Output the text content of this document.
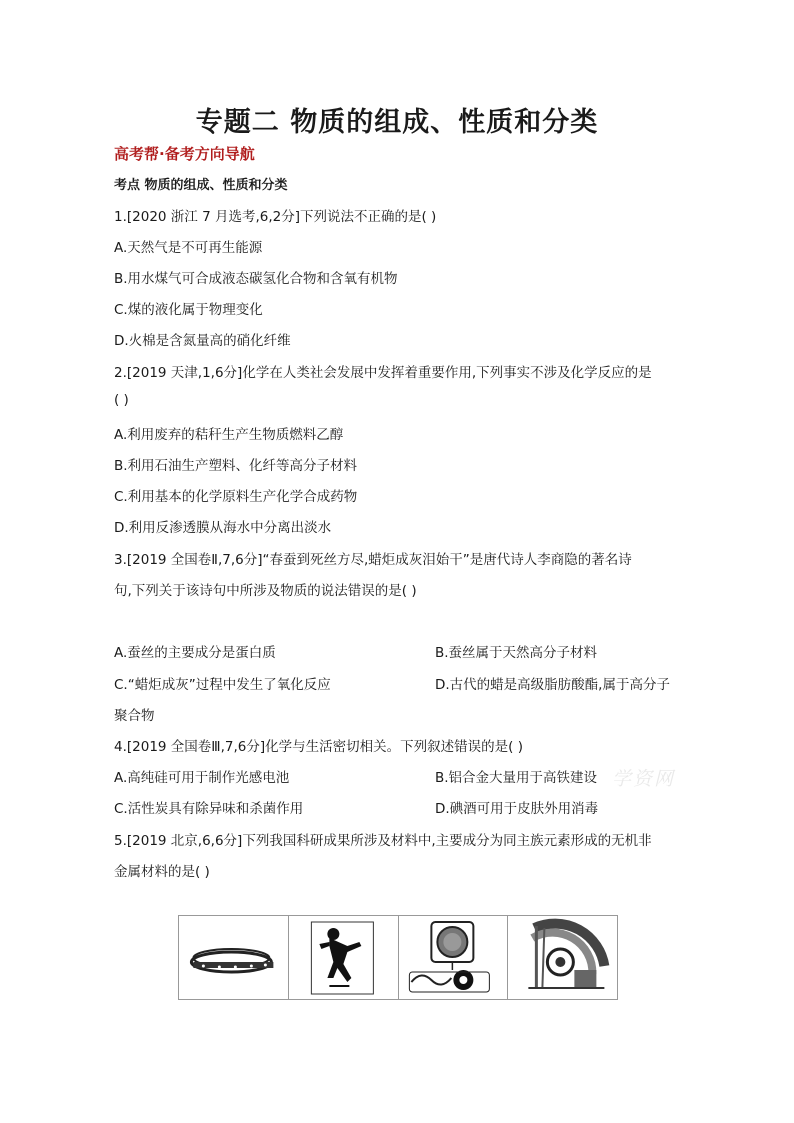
专题二 物质的组成、性质和分类
高考帮·备考方向导航
考点 物质的组成、性质和分类
1.[2020 浙江 7 月选考,6,2分]下列说法不正确的是( )
A.天然气是不可再生能源
B.用水煤气可合成液态碳氢化合物和含氧有机物
C.煤的液化属于物理变化
D.火棉是含氮量高的硝化纤维
2.[2019 天津,1,6分]化学在人类社会发展中发挥着重要作用,下列事实不涉及化学反应的是
( )
A.利用废弃的秸秆生产生物质燃料乙醇
B.利用石油生产塑料、化纤等高分子材料
C.利用基本的化学原料生产化学合成药物
D.利用反渗透膜从海水中分离出淡水
3.[2019 全国卷Ⅱ,7,6分]“春蚕到死丝方尽,蜡炬成灰泪始干”是唐代诗人李商隐的著名诗
句,下列关于该诗句中所涉及物质的说法错误的是( )
A.蚕丝的主要成分是蛋白质	B.蚕丝属于天然高分子材料
C.“蜡炬成灰”过程中发生了氧化反应	D.古代的蜡是高级脂肪酸酯,属于高分子
聚合物
4.[2019 全国卷Ⅲ,7,6分]化学与生活密切相关。下列叙述错误的是( )
A.高纯硅可用于制作光感电池	B.铝合金大量用于高铁建设
C.活性炭具有除异味和杀菌作用	D.碘酒可用于皮肤外用消毒
5.[2019 北京,6,6分]下列我国科研成果所涉及材料中,主要成分为同主族元素形成的无机非
金属材料的是( )
学资网
